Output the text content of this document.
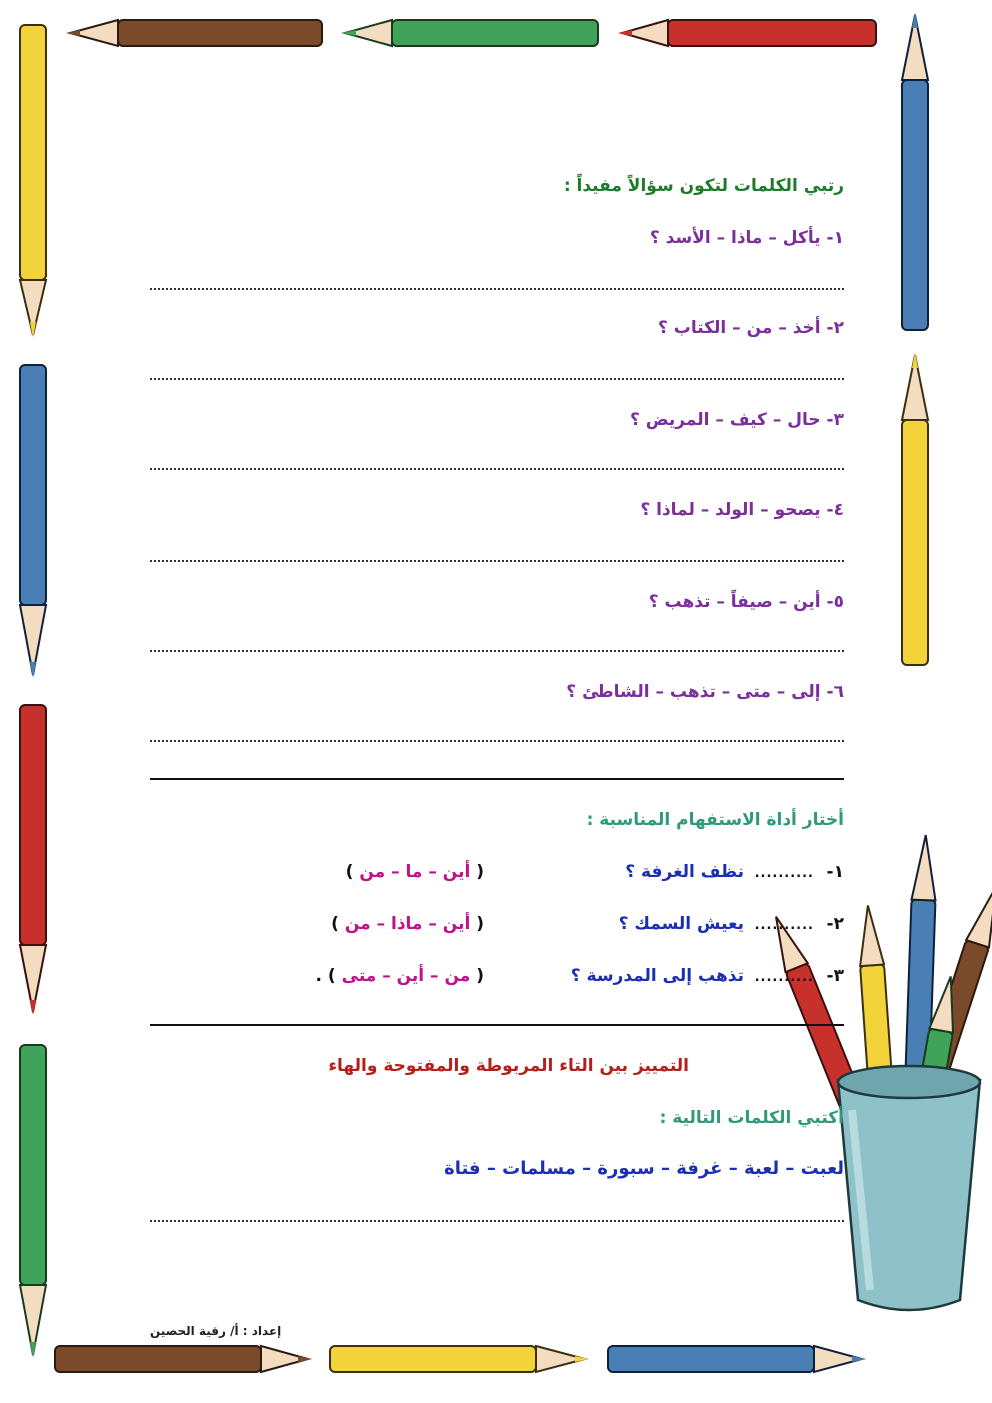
رتبي الكلمات لتكون سؤالاً مفيداً :
١- يأكل – ماذا – الأسد ؟
٢- أخذ – من – الكتاب ؟
٣- حال – كيف – المريض ؟
٤- يصحو – الولد – لماذا ؟
٥- أين – صيفاً – تذهب ؟
٦- إلى – متى – تذهب – الشاطئ ؟
أختار أداة الاستفهام المناسبة :
١-
..........
نظف الغرفة ؟
( أين – ما – من )
٢-
..........
يعيش السمك ؟
( أين – ماذا – من )
٣-
..........
تذهب إلى المدرسة ؟
( من – أين – متى ) .
التمييز بين التاء المربوطة والمفتوحة والهاء
أكتبي الكلمات التالية :
لعبت – لعبة – غرفة – سبورة – مسلمات – فتاة
إعداد : أ/ رقية الحصين
